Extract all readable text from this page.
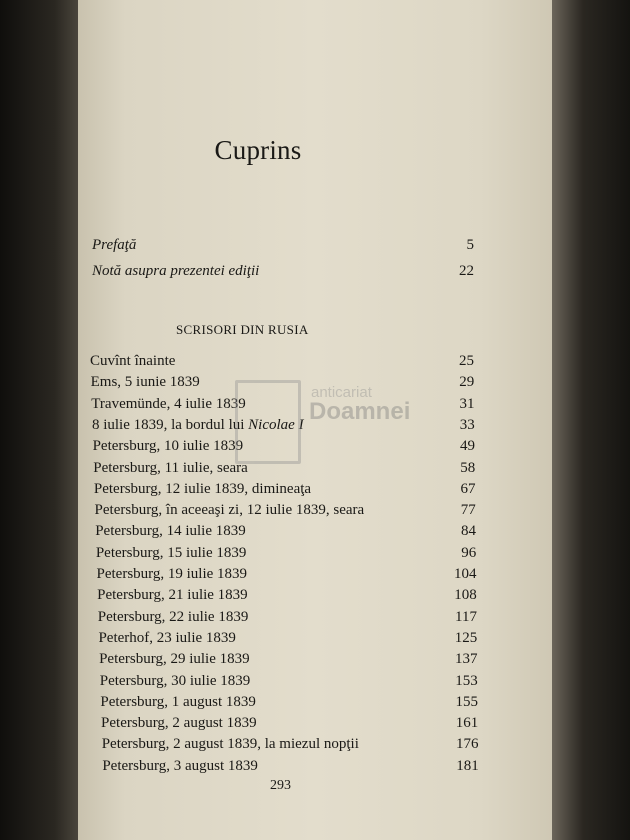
Cuprins
Prefaţă	5
Notă asupra prezentei ediţii	22
SCRISORI DIN RUSIA
Cuvînt înainte	25
Ems, 5 iunie 1839	29
Travemünde, 4 iulie 1839	31
8 iulie 1839, la bordul lui Nicolae I	33
Petersburg, 10 iulie 1839	49
Petersburg, 11 iulie, seara	58
Petersburg, 12 iulie 1839, dimineaţa	67
Petersburg, în aceeaşi zi, 12 iulie 1839, seara	77
Petersburg, 14 iulie 1839	84
Petersburg, 15 iulie 1839	96
Petersburg, 19 iulie 1839	104
Petersburg, 21 iulie 1839	108
Petersburg, 22 iulie 1839	117
Peterhof, 23 iulie 1839	125
Petersburg, 29 iulie 1839	137
Petersburg, 30 iulie 1839	153
Petersburg, 1 august 1839	155
Petersburg, 2 august 1839	161
Petersburg, 2 august 1839, la miezul nopţii	176
Petersburg, 3 august 1839	181
293
anticariat
Doamnei
